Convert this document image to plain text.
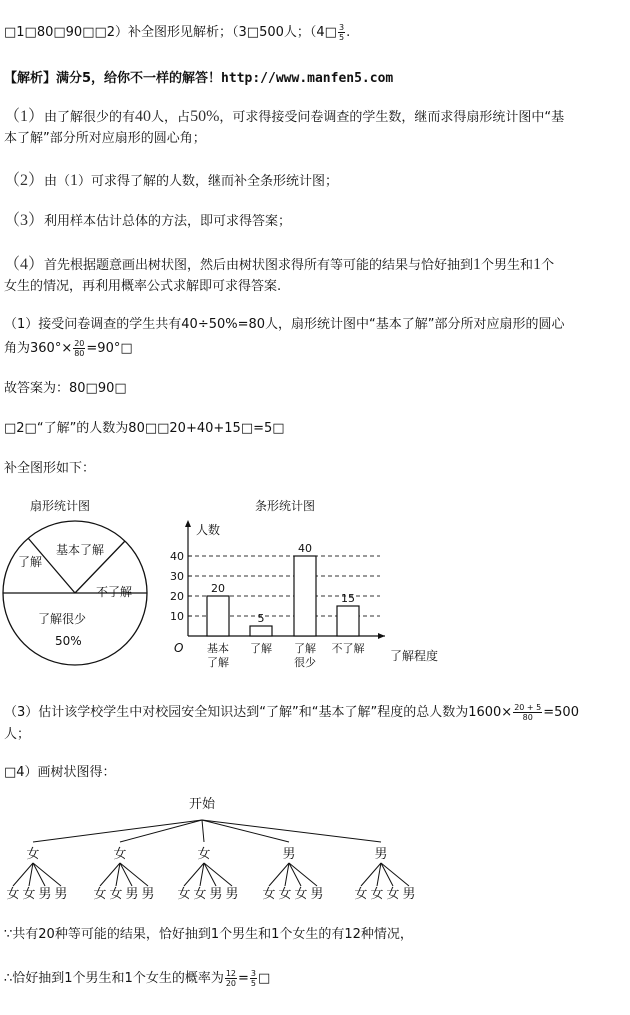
□1□80□90□□2）补全图形见解析；（3□500人；（4□ $\frac{3}{5}$ .
【解析】满分5，给你不一样的解答！http://www.manfen5.com
（1）由了解很少的有40人，占50%，可求得接受问卷调查的学生数，继而求得扇形统计图中“基
本了解”部分所对应扇形的圆心角；
（2）由（1）可求得了解的人数，继而补全条形统计图；
（3）利用样本估计总体的方法，即可求得答案；
（4）首先根据题意画出树状图，然后由树状图求得所有等可能的结果与恰好抽到1个男生和1个
女生的情况，再利用概率公式求解即可求得答案.
（1）接受问卷调查的学生共有40÷50%=80人，扇形统计图中“基本了解”部分所对应扇形的圆心
角为$360^\circ\times \frac{20}{80}$ =90°□
故答案为：80□90□
□2□“了解”的人数为80□□20+40+15□=5□
补全图形如下：
扇形统计图
了解
基本了解
不了解
了解很少
50%
条形统计图
10
20
30
40
人数
了解程度
O
20
基本
了解
5
了解
40
了解
很少
15
不了解
（3）估计该学校学生中对校园安全知识达到“了解”和“基本了解”程度的总人数为$1600\times \frac{20 + 5}{80} =500$
人；
□4）画树状图得：
开始
女
女 女 男 男
女
女 女 男 男
女
女 女 男 男
男
女 女 女 男
男
女 女 女 男
∵共有20种等可能的结果，恰好抽到1个男生和1个女生的有12种情况，
∴恰好抽到1个男生和1个女生的概率为 $\frac{12}{20} = \frac{3}{5}$ □
